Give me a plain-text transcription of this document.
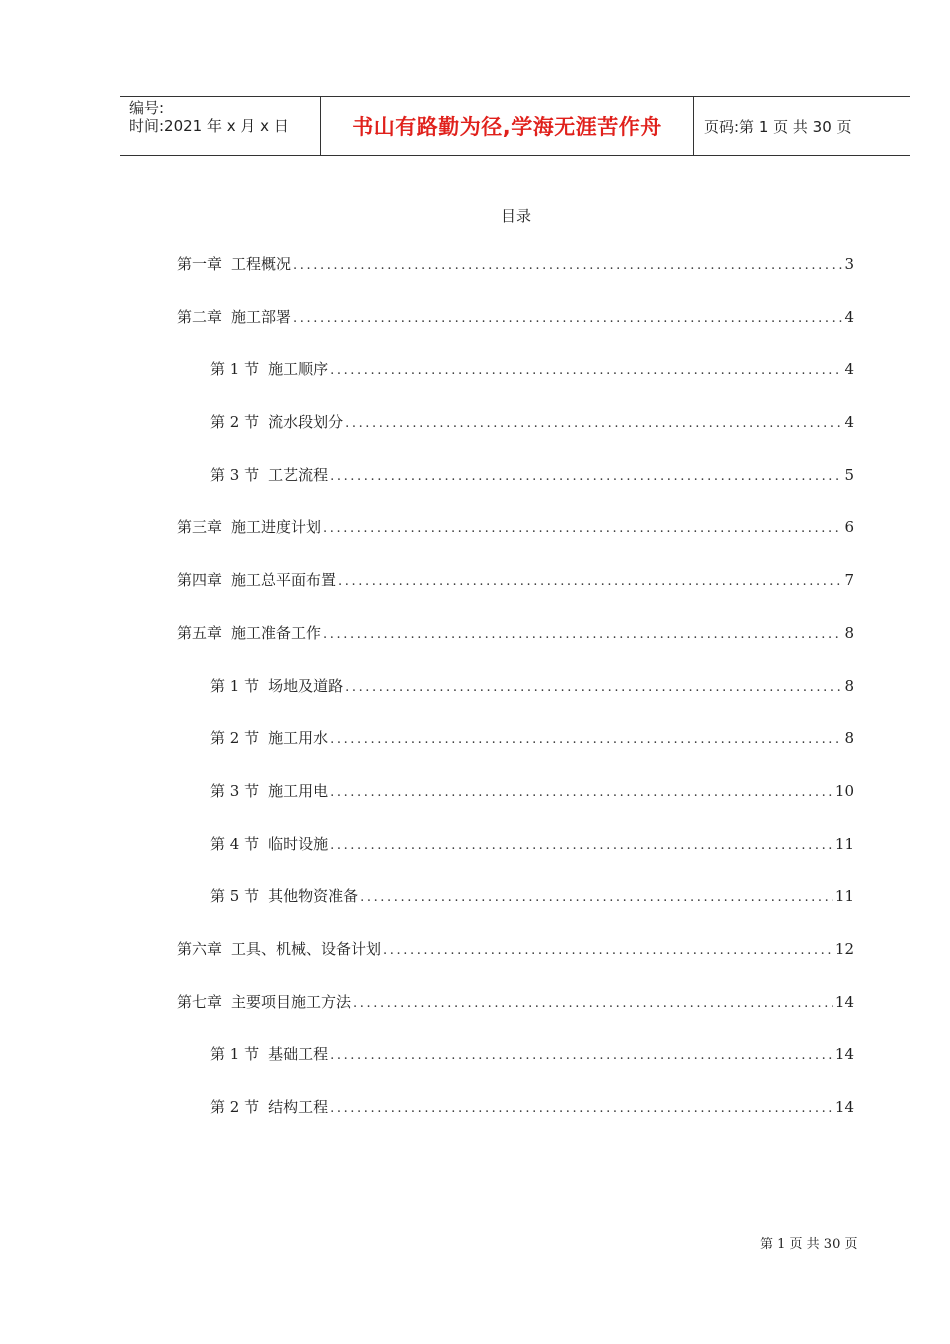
编号:
时间:2021 年 x 月 x 日	书山有路勤为径,学海无涯苦作舟	页码:第 1 页 共 30 页
目录
第一章 工程概况 .....	3
第二章 施工部署 .....	4
第 1 节 施工顺序 .....	4
第 2 节 流水段划分 .....	4
第 3 节 工艺流程 .....	5
第三章 施工进度计划 .....	6
第四章 施工总平面布置 .....	7
第五章 施工准备工作 .....	8
第 1 节 场地及道路 .....	8
第 2 节 施工用水 .....	8
第 3 节 施工用电 .....	10
第 4 节 临时设施 .....	11
第 5 节 其他物资准备 .....	11
第六章 工具、机械、设备计划 .....	12
第七章 主要项目施工方法 .....	14
第 1 节 基础工程 .....	14
第 2 节 结构工程 .....	14
第 1 页 共 30 页
